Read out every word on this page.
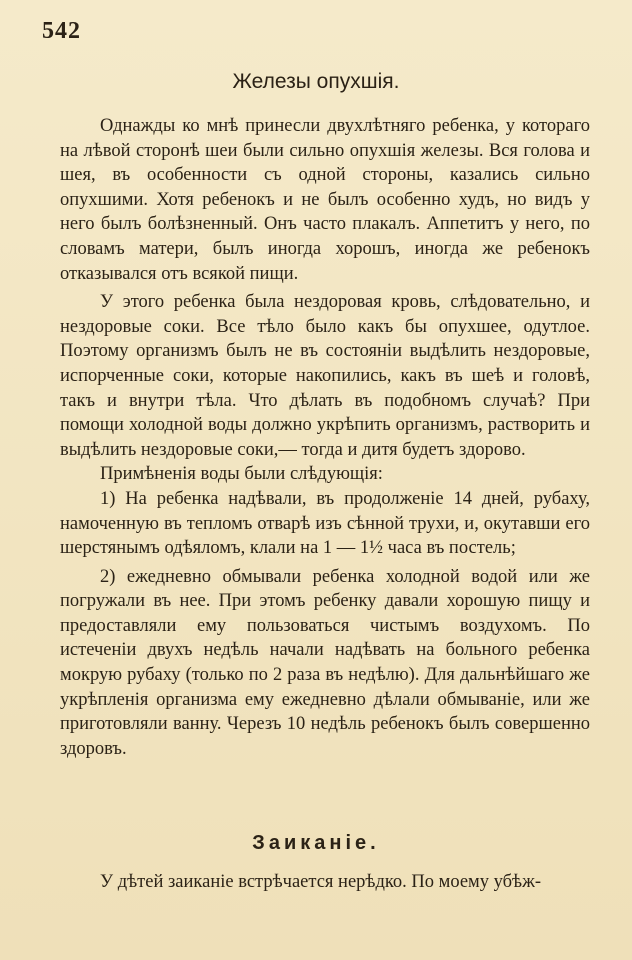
542
Железы опухшія.

Однажды ко мнѣ принесли двухлѣтняго ребенка, у котораго на лѣвой сторонѣ шеи были сильно опухшія железы. Вся голова и шея, въ особенности съ одной стороны, казались сильно опухшими. Хотя ребенокъ и не былъ особенно худъ, но видъ у него былъ болѣзненный. Онъ часто плакалъ. Аппетитъ у него, по словамъ матери, былъ иногда хорошъ, иногда же ребенокъ отказывался отъ всякой пищи.

У этого ребенка была нездоровая кровь, слѣдовательно, и нездоровые соки. Все тѣло было какъ бы опухшее, одутлое. Поэтому организмъ былъ не въ состояніи выдѣлить нездоровые, испорченные соки, которые накопились, какъ въ шеѣ и головѣ, такъ и внутри тѣла. Что дѣлать въ подобномъ случаѣ? При помощи холодной воды должно укрѣпить организмъ, растворить и выдѣлить нездоровые соки,— тогда и дитя будетъ здорово.

Примѣненія воды были слѣдующія:

1) На ребенка надѣвали, въ продолженіе 14 дней, рубаху, намоченную въ тепломъ отварѣ изъ сѣнной трухи, и, окутавши его шерстянымъ одѣяломъ, клали на 1 — 1½ часа въ постель;

2) ежедневно обмывали ребенка холодной водой или же погружали въ нее. При этомъ ребенку давали хорошую пищу и предоставляли ему пользоваться чистымъ воздухомъ. По истеченіи двухъ недѣль начали надѣвать на больного ребенка мокрую рубаху (только по 2 раза въ недѣлю). Для дальнѣйшаго же укрѣпленія организма ему ежедневно дѣлали обмываніе, или же приготовляли ванну. Черезъ 10 недѣль ребенокъ былъ совершенно здоровъ.

Заиканіе.

У дѣтей заиканіе встрѣчается нерѣдко. По моему убѣж-
